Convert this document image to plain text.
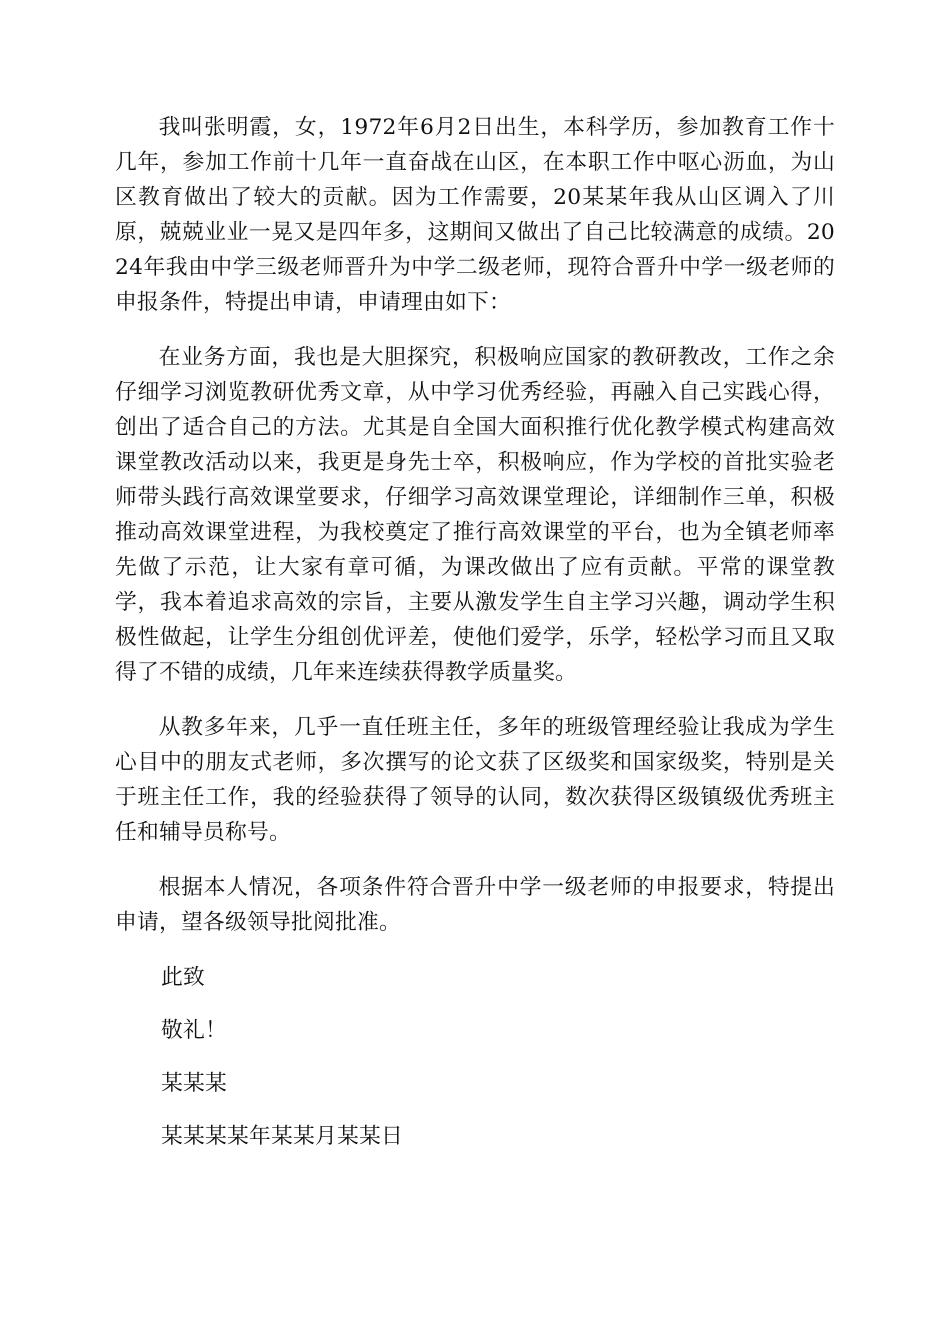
我叫张明霞，女，1972年6月2日出生，本科学历，参加教育工作十几年，参加工作前十几年一直奋战在山区，在本职工作中呕心沥血，为山区教育做出了较大的贡献。因为工作需要，20某某年我从山区调入了川原，兢兢业业一晃又是四年多，这期间又做出了自己比较满意的成绩。2024年我由中学三级老师晋升为中学二级老师，现符合晋升中学一级老师的申报条件，特提出申请，申请理由如下：

在业务方面，我也是大胆探究，积极响应国家的教研教改，工作之余仔细学习浏览教研优秀文章，从中学习优秀经验，再融入自己实践心得，创出了适合自己的方法。尤其是自全国大面积推行优化教学模式构建高效课堂教改活动以来，我更是身先士卒，积极响应，作为学校的首批实验老师带头践行高效课堂要求，仔细学习高效课堂理论，详细制作三单，积极推动高效课堂进程，为我校奠定了推行高效课堂的平台，也为全镇老师率先做了示范，让大家有章可循，为课改做出了应有贡献。平常的课堂教学，我本着追求高效的宗旨，主要从激发学生自主学习兴趣，调动学生积极性做起，让学生分组创优评差，使他们爱学，乐学，轻松学习而且又取得了不错的成绩，几年来连续获得教学质量奖。

从教多年来，几乎一直任班主任，多年的班级管理经验让我成为学生心目中的朋友式老师，多次撰写的论文获了区级奖和国家级奖，特别是关于班主任工作，我的经验获得了领导的认同，数次获得区级镇级优秀班主任和辅导员称号。

根据本人情况，各项条件符合晋升中学一级老师的申报要求，特提出申请，望各级领导批阅批准。

此致

敬礼！

某某某

某某某某年某某月某某日
